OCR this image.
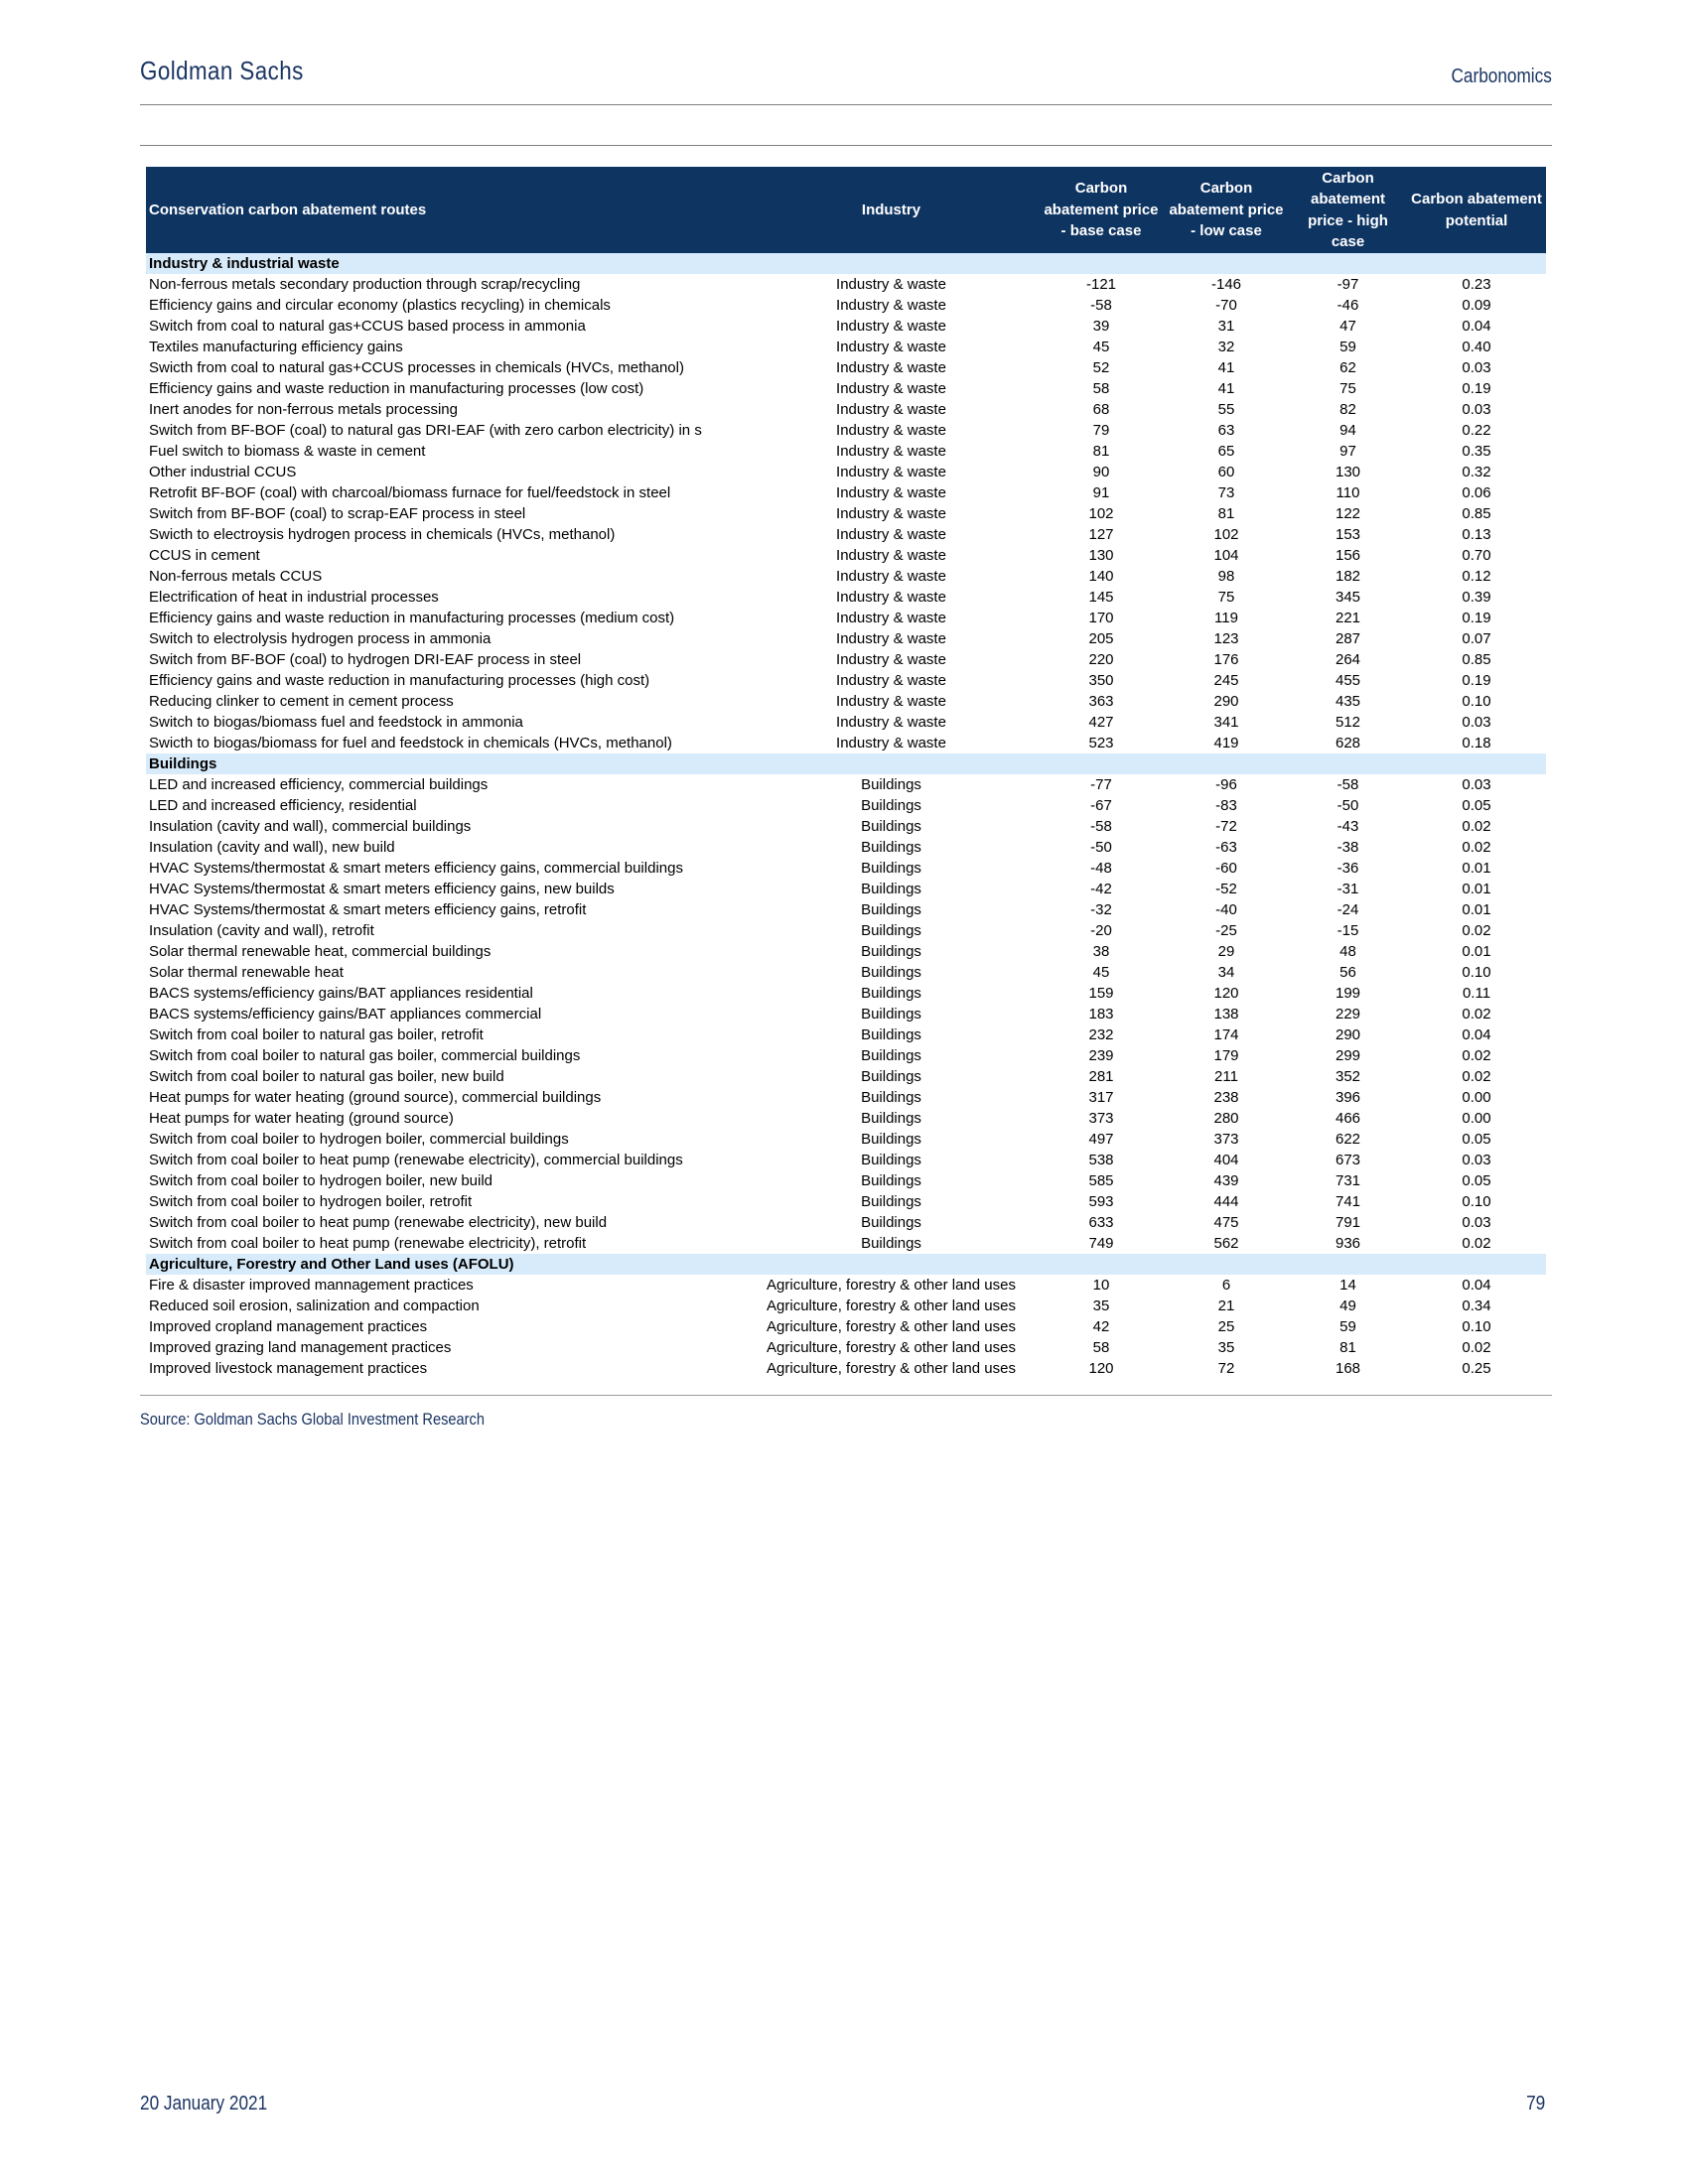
Goldman Sachs	Carbonomics
Conservation carbon abatement routes	Industry	Carbon abatement price - base case	Carbon abatement price - low case	Carbon abatement price - high case	Carbon abatement potential
Industry & industrial waste					
Non-ferrous metals secondary production through scrap/recycling	Industry & waste	-121	-146	-97	0.23
Efficiency gains and circular economy (plastics recycling) in chemicals	Industry & waste	-58	-70	-46	0.09
Switch from coal to natural gas+CCUS based process in ammonia	Industry & waste	39	31	47	0.04
Textiles manufacturing efficiency gains	Industry & waste	45	32	59	0.40
Swicth from coal to natural gas+CCUS processes in chemicals (HVCs, methanol)	Industry & waste	52	41	62	0.03
Efficiency gains and waste reduction in manufacturing processes (low cost)	Industry & waste	58	41	75	0.19
Inert anodes for non-ferrous metals processing	Industry & waste	68	55	82	0.03
Switch from BF-BOF (coal) to natural gas DRI-EAF (with zero carbon electricity) in s	Industry & waste	79	63	94	0.22
Fuel switch to biomass & waste in cement	Industry & waste	81	65	97	0.35
Other industrial CCUS	Industry & waste	90	60	130	0.32
Retrofit BF-BOF (coal) with charcoal/biomass furnace for fuel/feedstock in steel	Industry & waste	91	73	110	0.06
Switch from BF-BOF (coal) to scrap-EAF process in steel	Industry & waste	102	81	122	0.85
Swicth to electroysis hydrogen process in chemicals (HVCs, methanol)	Industry & waste	127	102	153	0.13
CCUS in cement	Industry & waste	130	104	156	0.70
Non-ferrous metals CCUS	Industry & waste	140	98	182	0.12
Electrification of heat in industrial processes	Industry & waste	145	75	345	0.39
Efficiency gains and waste reduction in manufacturing processes (medium cost)	Industry & waste	170	119	221	0.19
Switch to electrolysis hydrogen process in ammonia	Industry & waste	205	123	287	0.07
Switch from BF-BOF (coal) to hydrogen DRI-EAF process in steel	Industry & waste	220	176	264	0.85
Efficiency gains and waste reduction in manufacturing processes (high cost)	Industry & waste	350	245	455	0.19
Reducing clinker to cement in cement process	Industry & waste	363	290	435	0.10
Switch to biogas/biomass fuel and feedstock in ammonia	Industry & waste	427	341	512	0.03
Swicth to biogas/biomass for fuel and feedstock in chemicals (HVCs, methanol)	Industry & waste	523	419	628	0.18
Buildings					
LED and increased efficiency, commercial buildings	Buildings	-77	-96	-58	0.03
LED and increased efficiency, residential	Buildings	-67	-83	-50	0.05
Insulation (cavity and wall), commercial buildings	Buildings	-58	-72	-43	0.02
Insulation (cavity and wall), new build	Buildings	-50	-63	-38	0.02
HVAC Systems/thermostat & smart meters efficiency gains, commercial buildings	Buildings	-48	-60	-36	0.01
HVAC Systems/thermostat & smart meters efficiency gains, new builds	Buildings	-42	-52	-31	0.01
HVAC Systems/thermostat & smart meters efficiency gains, retrofit	Buildings	-32	-40	-24	0.01
Insulation (cavity and wall), retrofit	Buildings	-20	-25	-15	0.02
Solar thermal renewable heat, commercial buildings	Buildings	38	29	48	0.01
Solar thermal renewable heat	Buildings	45	34	56	0.10
BACS systems/efficiency gains/BAT appliances residential	Buildings	159	120	199	0.11
BACS systems/efficiency gains/BAT appliances commercial	Buildings	183	138	229	0.02
Switch from coal boiler to natural gas boiler, retrofit	Buildings	232	174	290	0.04
Switch from coal boiler to natural gas boiler, commercial buildings	Buildings	239	179	299	0.02
Switch from coal boiler to natural gas boiler, new build	Buildings	281	211	352	0.02
Heat pumps for water heating (ground source), commercial buildings	Buildings	317	238	396	0.00
Heat pumps for water heating (ground source)	Buildings	373	280	466	0.00
Switch from coal boiler to hydrogen boiler, commercial buildings	Buildings	497	373	622	0.05
Switch from coal boiler to heat pump (renewabe electricity), commercial buildings	Buildings	538	404	673	0.03
Switch from coal boiler to hydrogen boiler, new build	Buildings	585	439	731	0.05
Switch from coal boiler to hydrogen boiler, retrofit	Buildings	593	444	741	0.10
Switch from coal boiler to heat pump (renewabe electricity), new build	Buildings	633	475	791	0.03
Switch from coal boiler to heat pump (renewabe electricity), retrofit	Buildings	749	562	936	0.02
Agriculture, Forestry and Other Land uses (AFOLU)					
Fire & disaster improved mannagement practices	Agriculture, forestry & other land uses	10	6	14	0.04
Reduced soil erosion, salinization and compaction	Agriculture, forestry & other land uses	35	21	49	0.34
Improved cropland management practices	Agriculture, forestry & other land uses	42	25	59	0.10
Improved grazing land management practices	Agriculture, forestry & other land uses	58	35	81	0.02
Improved livestock management practices	Agriculture, forestry & other land uses	120	72	168	0.25
Source: Goldman Sachs Global Investment Research
20 January 2021	79
